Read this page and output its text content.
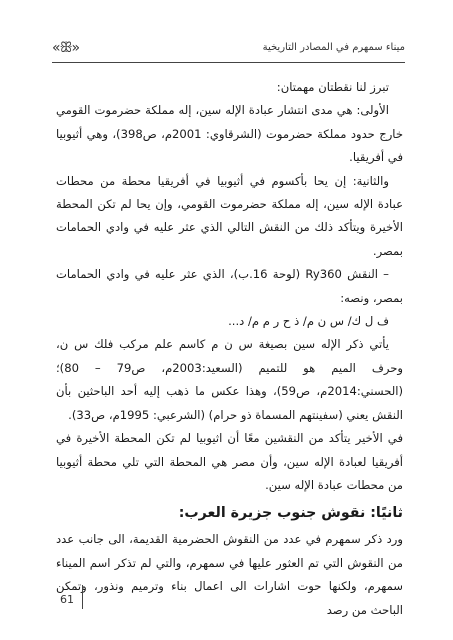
ميناء سمهرم في المصادر التاريخية
«ꕥ»

تبرز لنا نقطتان مهمتان:

الأولى: هي مدى انتشار عبادة الإله سين، إله مملكة حضرموت القومي خارج حدود مملكة حضرموت (الشرقاوي: 2001م، ص398)، وهي أثيوبيا في أفريقيا.

والثانية: إن يحا بأكسوم في أثيوبيا في أفريقيا محطة من محطات عبادة الإله سين، إله مملكة حضرموت القومي، وإن يحا لم تكن المحطة الأخيرة ويتأكد ذلك من النقش التالي الذي عثر عليه في وادي الحمامات بمصر.

– النقش Ry360 (لوحة 16.ب)، الذي عثر عليه في وادي الحمامات بمصر، ونصه:

ف ل ك/ س ن م/ ذ ح ر م م/ د...

يأتي ذكر الإله سين بصيغة س ن م كاسم علم مركب فلك س ن، وحرف الميم هو للتميم (السعيد:2003م، ص79 – 80)؛ (الحسني:2014م، ص59)، وهذا عكس ما ذهب إليه أحد الباحثين بأن النقش يعني (سفينتهم المسماة ذو حرام) (الشرعبي: 1995م، ص33).

في الأخير يتأكد من النقشين معًا أن اثيوبيا لم تكن المحطة الأخيرة في أفريقيا لعبادة الإله سين، وأن مصر هي المحطة التي تلي محطة أثيوبيا من محطات عبادة الإله سين.

ثانيًا: نقوش جنوب جزيرة العرب:

ورد ذكر سمهرم في عدد من النقوش الحضرمية القديمة، الى جانب عدد من النقوش التي تم العثور عليها في سمهرم، والتي لم تذكر اسم الميناء سمهرم، ولكنها حوت اشارات الى اعمال بناء وترميم ونذور، وتمكن الباحث من رصد

61
